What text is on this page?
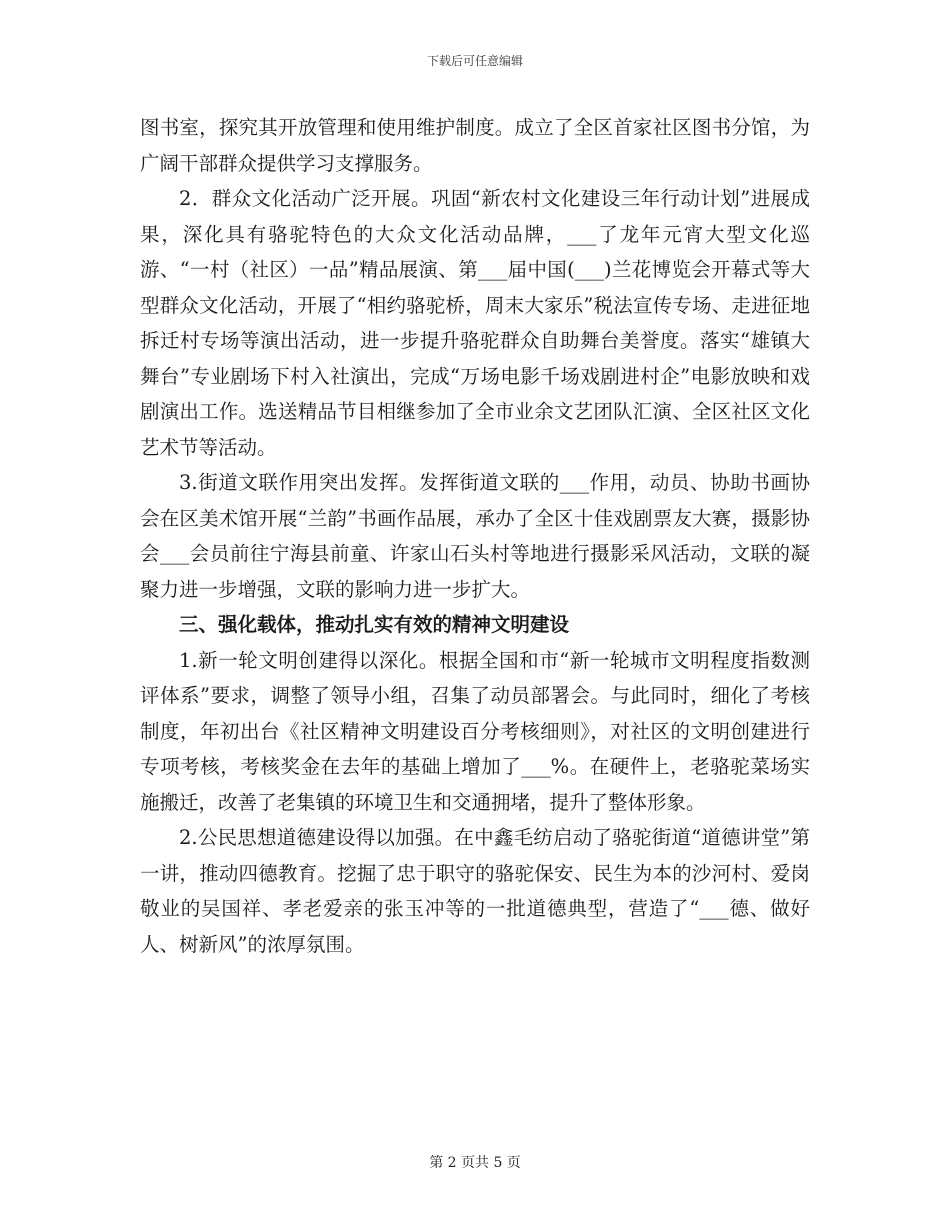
下载后可任意编辑

图书室，探究其开放管理和使用维护制度。成立了全区首家社区图书分馆，为广阔干部群众提供学习支撑服务。

2．群众文化活动广泛开展。巩固“新农村文化建设三年行动计划”进展成果，深化具有骆驼特色的大众文化活动品牌，___了龙年元宵大型文化巡游、“一村（社区）一品”精品展演、第___届中国(___)兰花博览会开幕式等大型群众文化活动，开展了“相约骆驼桥，周末大家乐”税法宣传专场、走进征地拆迁村专场等演出活动，进一步提升骆驼群众自助舞台美誉度。落实“雄镇大舞台”专业剧场下村入社演出，完成“万场电影千场戏剧进村企”电影放映和戏剧演出工作。选送精品节目相继参加了全市业余文艺团队汇演、全区社区文化艺术节等活动。

3.街道文联作用突出发挥。发挥街道文联的___作用，动员、协助书画协会在区美术馆开展“兰韵”书画作品展，承办了全区十佳戏剧票友大赛，摄影协会___会员前往宁海县前童、许家山石头村等地进行摄影采风活动，文联的凝聚力进一步增强，文联的影响力进一步扩大。

三、强化载体，推动扎实有效的精神文明建设

1.新一轮文明创建得以深化。根据全国和市“新一轮城市文明程度指数测评体系”要求，调整了领导小组，召集了动员部署会。与此同时，细化了考核制度，年初出台《社区精神文明建设百分考核细则》，对社区的文明创建进行专项考核，考核奖金在去年的基础上增加了___%。在硬件上，老骆驼菜场实施搬迁，改善了老集镇的环境卫生和交通拥堵，提升了整体形象。

2.公民思想道德建设得以加强。在中鑫毛纺启动了骆驼街道“道德讲堂”第一讲，推动四德教育。挖掘了忠于职守的骆驼保安、民生为本的沙河村、爱岗敬业的吴国祥、孝老爱亲的张玉冲等的一批道德典型，营造了“___德、做好人、树新风”的浓厚氛围。

第 2 页共 5 页
